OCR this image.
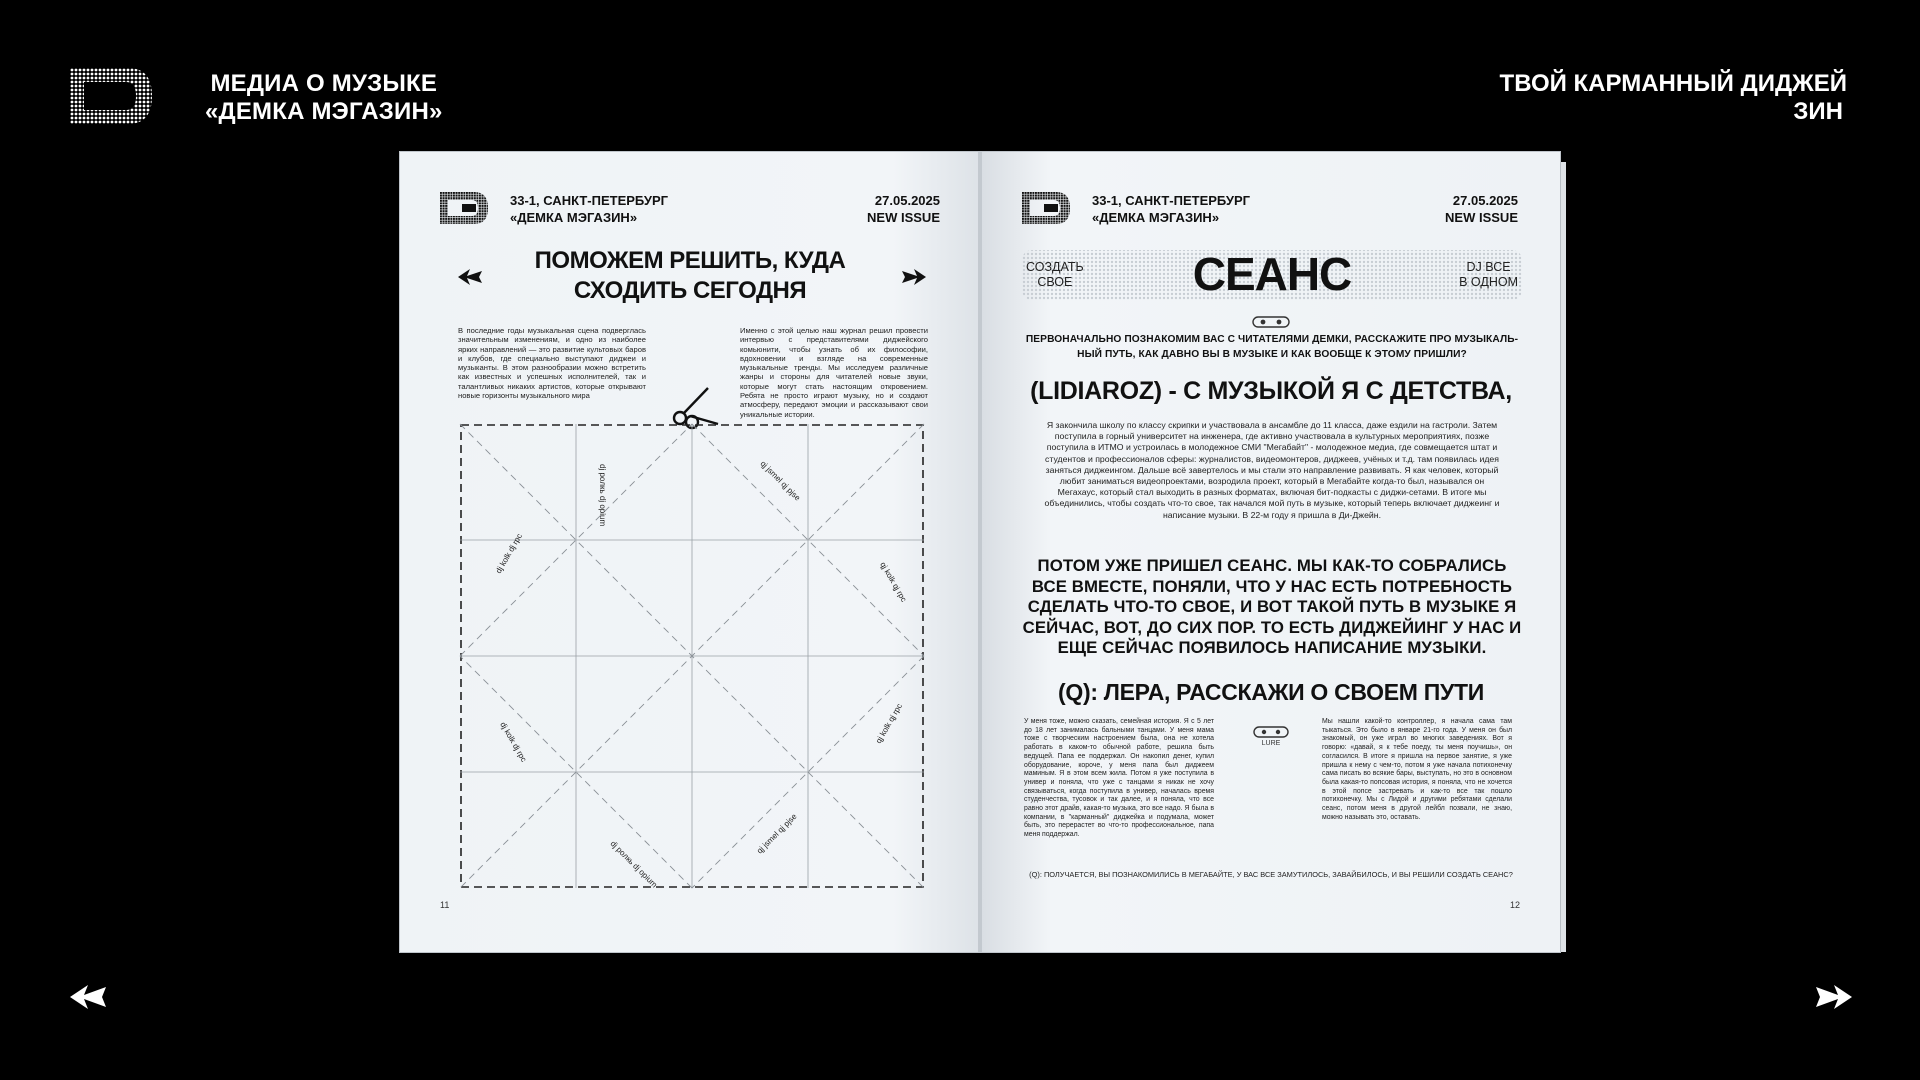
МЕДИА О МУЗЫКЕ
«ДЕМКА МЭГАЗИН»
ТВОЙ КАРМАННЫЙ ДИДЖЕЙ

ЗИН
33-1, САНКТ-ПЕТЕРБУРГ
«ДЕМКА МЭГАЗИН»
27.05.2025
NEW ISSUE
ПОМОЖЕМ РЕШИТЬ, КУДА
СХОДИТЬ СЕГОДНЯ
В последние годы музыкальная сцена подверглась значительным изменениям, и одно из наиболее ярких направлений — это развитие культовых баров и клубов, где специально выступают диджеи и музыканты. В этом разнообразии можно встретить как известных и успешных исполнителей, так и талантливых никаких артистов, которые открывают новые горизонты музыкального мира
Именно с этой целью наш журнал решил провести интервью с представителями диджейского комьюнити, чтобы узнать об их философии, вдохновении и взгляде на современные музыкальные тренды. Мы исследуем различные жанры и стороны для читателей новые звуки, которые могут стать настоящим откровением. Ребята не просто играют музыку, но и создают атмосферу, передают эмоции и рассказывают свои уникальные истории.
dj poлкь dj opium	qj jsmel qj pjse
dj kolk dj rpc
qj kolk qj rpc
dj kolk dj rpc	qj kolk qj rpc
dj poлкь dj opium
qj jsmel qj pjse
11
33-1, САНКТ-ПЕТЕРБУРГ
«ДЕМКА МЭГАЗИН»
27.05.2025
NEW ISSUE
СОЗДАТЬ
СВОЕ	СЕАНС	DJ ВСЕ
В ОДНОМ
ПЕРВОНАЧАЛЬНО ПОЗНАКОМИМ ВАС С ЧИТАТЕЛЯМИ ДЕМКИ, РАССКАЖИТЕ ПРО МУЗЫКАЛЬ-
НЫЙ ПУТЬ, КАК ДАВНО ВЫ В МУЗЫКЕ И КАК ВООБЩЕ К ЭТОМУ ПРИШЛИ?
(LIDIAROZ) - С МУЗЫКОЙ Я С ДЕТСТВА,
Я закончила школу по классу скрипки и участвовала в ансамбле до 11 класса, даже ездили на гастроли. Затем поступила в горный университет на инженера, где активно участвовала в культурных мероприятиях, позже поступила в ИТМО и устроилась в молодежное СМИ "Мегабайт" - молодежное медиа, где совмещается штат и студентов и профессионалов сферы: журналистов, видеомонтеров, диджеев, учёных и т.д. там появилась идея заняться диджеингом. Дальше всё завертелось и мы стали это направление развивать. Я как человек, который любит заниматься видеопроектами, возродила проект, который в Мегабайте когда-то был, назывался он Мегахаус, который стал выходить в разных форматах, включая бит-подкасты с диджи-сетами. В итоге мы объединились, чтобы создать что-то свое, так начался мой путь в музыке, который теперь включает диджеинг и написание музыки. В 22-м году я пришла в Ди-Джейн.
ПОТОМ УЖЕ ПРИШЕЛ СЕАНС. МЫ КАК-ТО СОБРАЛИСЬ ВСЕ ВМЕСТЕ, ПОНЯЛИ, ЧТО У НАС ЕСТЬ ПОТРЕБНОСТЬ СДЕЛАТЬ ЧТО-ТО СВОЕ, И ВОТ ТАКОЙ ПУТЬ В МУЗЫКЕ Я СЕЙЧАС, ВОТ, ДО СИХ ПОР. ТО ЕСТЬ ДИДЖЕЙИНГ У НАС И ЕЩЕ СЕЙЧАС ПОЯВИЛОСЬ НАПИСАНИЕ МУЗЫКИ.
(Q): ЛЕРА, РАССКАЖИ О СВОЕМ ПУТИ
У меня тоже, можно сказать, семейная история. Я с 5 лет до 18 лет занималась бальными танцами. У меня мама тоже с творческим настроением была, она не хотела работать в каком-то обычной работе, решила быть ведущей. Папа ее поддержал. Он накопил денег, купил оборудование, короче, у меня папа был диджеем маминым. Я в этом всем жила. Потом я уже поступила в универ и поняла, что уже с танцами я никак не хочу связываться, когда поступила в универ, началась время студенчества, тусовок и так далее, и я поняла, что все равно этот драйв, какая-то музыка, это все надо. Я была в компании, в "карманный" диджейка и подумала, может быть, это перерастет во что-то профессиональное, папа меня поддержал.
LURE
Мы нашли какой-то контроллер, я начала сама там тыкаться. Это было в январе 21-го года. У меня он был знакомый, он уже играл во многих заведениях. Вот я говорю: «давай, я к тебе поеду, ты меня поучишь», он согласился. В итоге я пришла на первое занятие, я уже пришла к нему с чем-то, потом я уже начала потихонечку сама писать во всякие бары, выступать, но это в основном была какая-то попсовая история, я поняла, что не хочется в этой попсе застревать и как-то все так пошло потихонечку. Мы с Лидой и другими ребятами сделали сеанс, потом меня в другой лейбл позвали, не знаю, можно называть это, оставать.
(Q): ПОЛУЧАЕТСЯ, ВЫ ПОЗНАКОМИЛИСЬ В МЕГАБАЙТЕ, У ВАС ВСЕ ЗАМУТИЛОСЬ, ЗАВАЙБИЛОСЬ, И ВЫ РЕШИЛИ СОЗДАТЬ СЕАНС?
12
